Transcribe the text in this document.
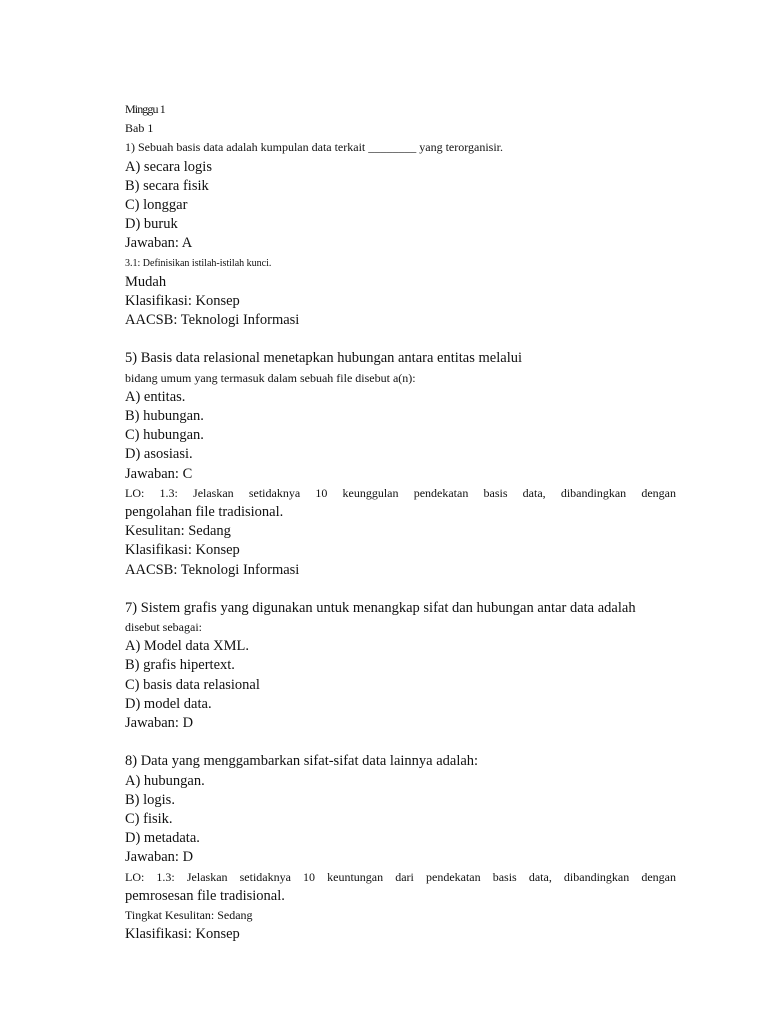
Minggu 1
Bab 1
1) Sebuah basis data adalah kumpulan data terkait ________ yang terorganisir.
A) secara logis
B) secara fisik
C) longgar
D) buruk
Jawaban: A
3.1: Definisikan istilah-istilah kunci.
Mudah
Klasifikasi: Konsep
AACSB: Teknologi Informasi
5) Basis data relasional menetapkan hubungan antara entitas melalui
bidang umum yang termasuk dalam sebuah file disebut a(n):
A) entitas.
B) hubungan.
C) hubungan.
D) asosiasi.
Jawaban: C
LO: 1.3: Jelaskan setidaknya 10 keunggulan pendekatan basis data, dibandingkan dengan
pengolahan file tradisional.
Kesulitan: Sedang
Klasifikasi: Konsep
AACSB: Teknologi Informasi
7) Sistem grafis yang digunakan untuk menangkap sifat dan hubungan antar data adalah
disebut sebagai:
A) Model data XML.
B) grafis hipertext.
C) basis data relasional
D) model data.
Jawaban: D
8) Data yang menggambarkan sifat-sifat data lainnya adalah:
A) hubungan.
B) logis.
C) fisik.
D) metadata.
Jawaban: D
LO: 1.3: Jelaskan setidaknya 10 keuntungan dari pendekatan basis data, dibandingkan dengan
pemrosesan file tradisional.
Tingkat Kesulitan: Sedang
Klasifikasi: Konsep
